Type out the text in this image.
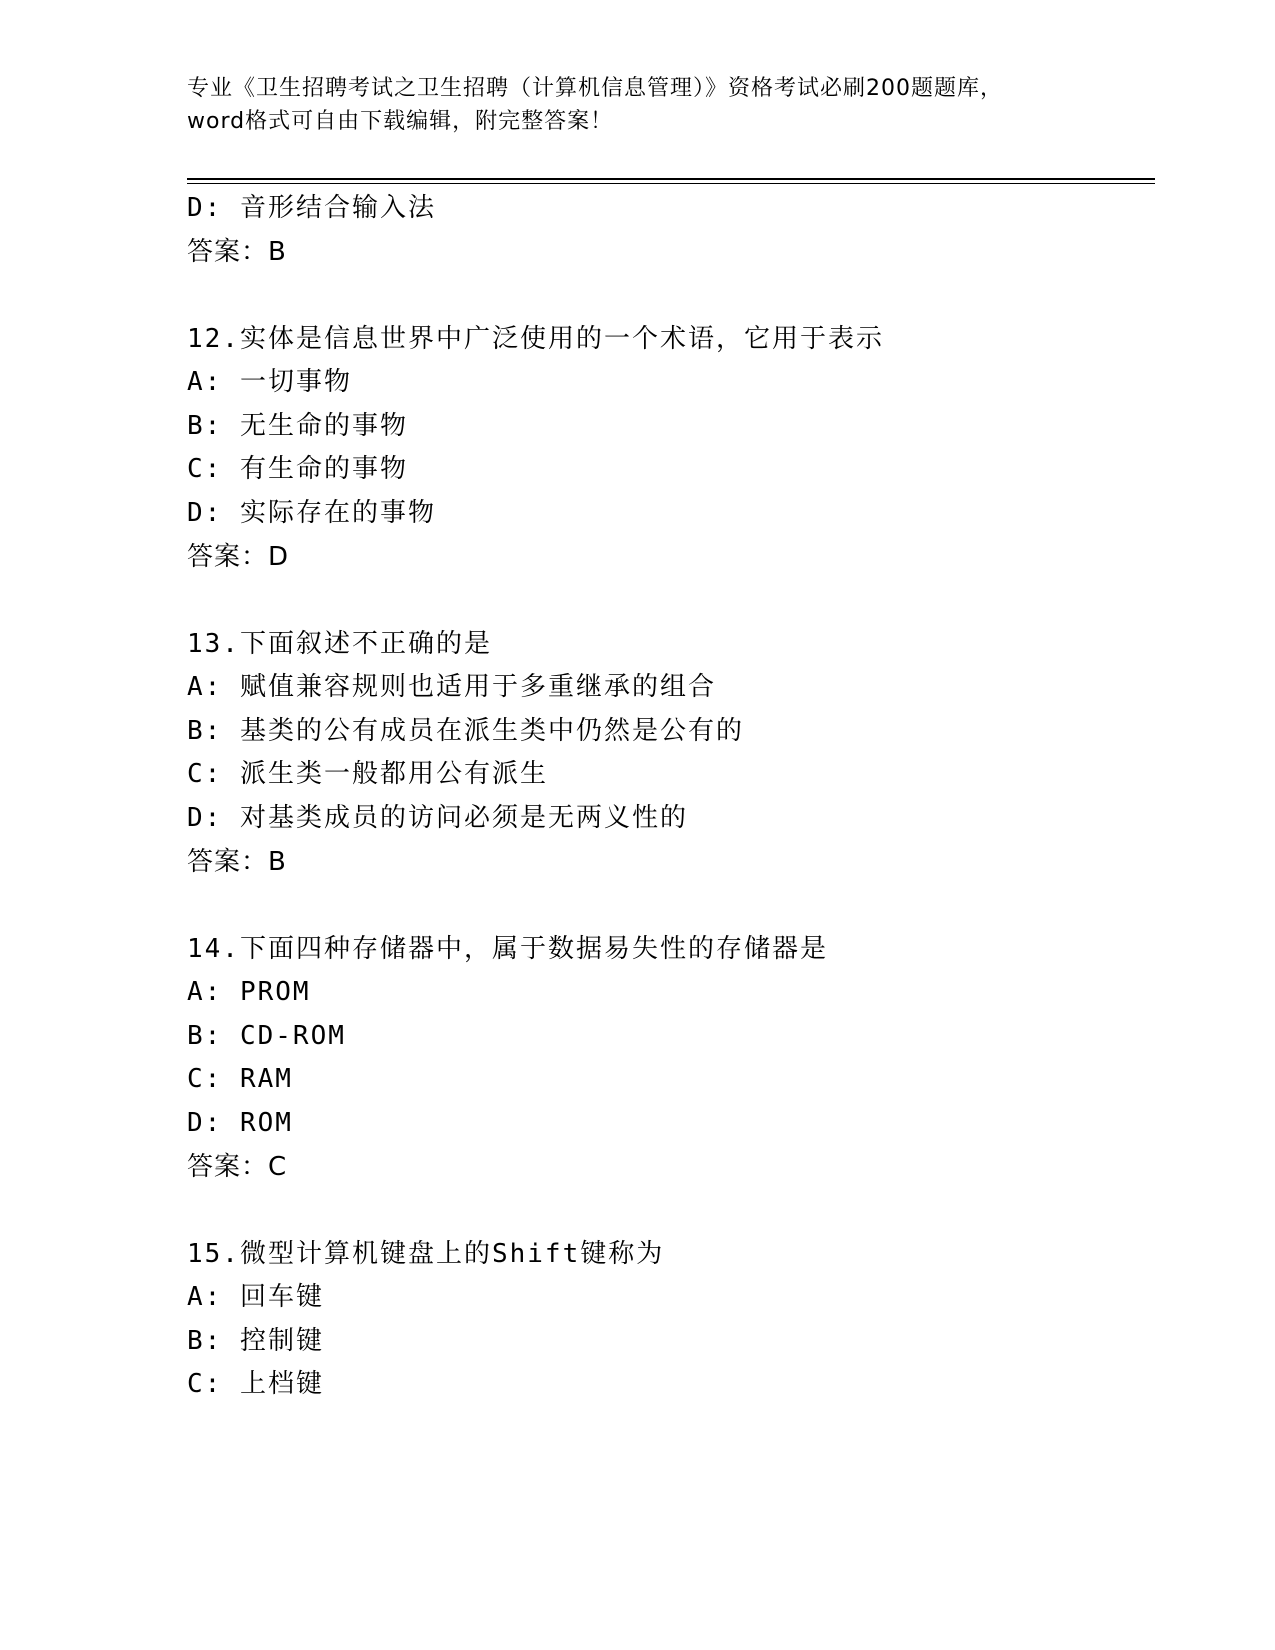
专业《卫生招聘考试之卫生招聘（计算机信息管理）》资格考试必刷200题题库，
word格式可自由下载编辑，附完整答案！
D: 音形结合输入法
答案：B
12.实体是信息世界中广泛使用的一个术语，它用于表示
A: 一切事物
B: 无生命的事物
C: 有生命的事物
D: 实际存在的事物
答案：D
13.下面叙述不正确的是
A: 赋值兼容规则也适用于多重继承的组合
B: 基类的公有成员在派生类中仍然是公有的
C: 派生类一般都用公有派生
D: 对基类成员的访问必须是无两义性的
答案：B
14.下面四种存储器中，属于数据易失性的存储器是
A: PROM
B: CD-ROM
C: RAM
D: ROM
答案：C
15.微型计算机键盘上的Shift键称为
A: 回车键
B: 控制键
C: 上档键
